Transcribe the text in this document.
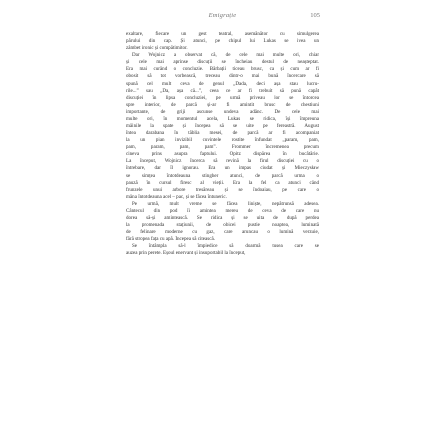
Emigrație	105
exaltare, fiecare un gest teatral, asemănător cu simulgerea
părului din cap. Și atunci, pe chipul lui Lukas se ivea un
zâmbet ironic și compătimitor.
Dar Wojnicz a observat că, de cele mai multe ori, chiar
și cele mai aprinse discuții se încheiau destul de neașteptat.
Era mai curând o concluzie. Bărbații ticeau brusc, ca și cum ar fi
obosit să tot vorbească, treceau dintr-o mai bună încercare să
spună cel mult ceva de genul „Dada, deci așa stau lucru-
rile...” sau „Da, așa că...”, ceea ce ar fi trebuit să pună capăt
discuției în lipsa concluziei, pe urmă priveau lor se întorcea
spre interior, de parcă și-ar fi amintit brusc de chestiuni
importante, de griji ascunse undeva adânc. De cele mai
multe ori, în momentul acela, Lukas se ridica, își împreuna
mâinile la spate și începea să se uite pe fereastră. August
întea darabana în tăblia mesei, de parcă ar fi acompaniat
la un pian invizibil cuvintele rostite înfundat „param, pam,
pam, param, pam, pam”. Frommer încremenea precum
cineva prins asupra faptului. Opitz dispărea în bucătărie.
La început, Wojnicz încerca să revină la firul discuției cu o
întrebare, dar îl ignorau. Era un impas ciudat și Mieczysław
se simțea întotdeauna stingher atunci, de parcă urma o
pauză în cursul firesc al vieții. Era la fel ca atunci când
frunzele unui arbore tresăreau și se îndoaiau, pe care o
mâna întotdeauna acel – pac, și se făcea întuneric.
Pe urmă, mult vreme se făcea liniște, nepătrunsă adesea.
Cântecul din pod îi amintea mereu de ceva de care nu
dorea să-și amintească. Se ridica și se uita de după perdea
la promenada stațiunii, de obicei pustie noaptea, luminată
de felinare moderne cu gaz, care aruncau o lumină verzuie,
fără stropea fața cu apă. Începea să citească.
Se întâmpla să-l împiedice să doarmă tusea care se
auzea prin perete. Eșoul enervant și insuportabil la început,
